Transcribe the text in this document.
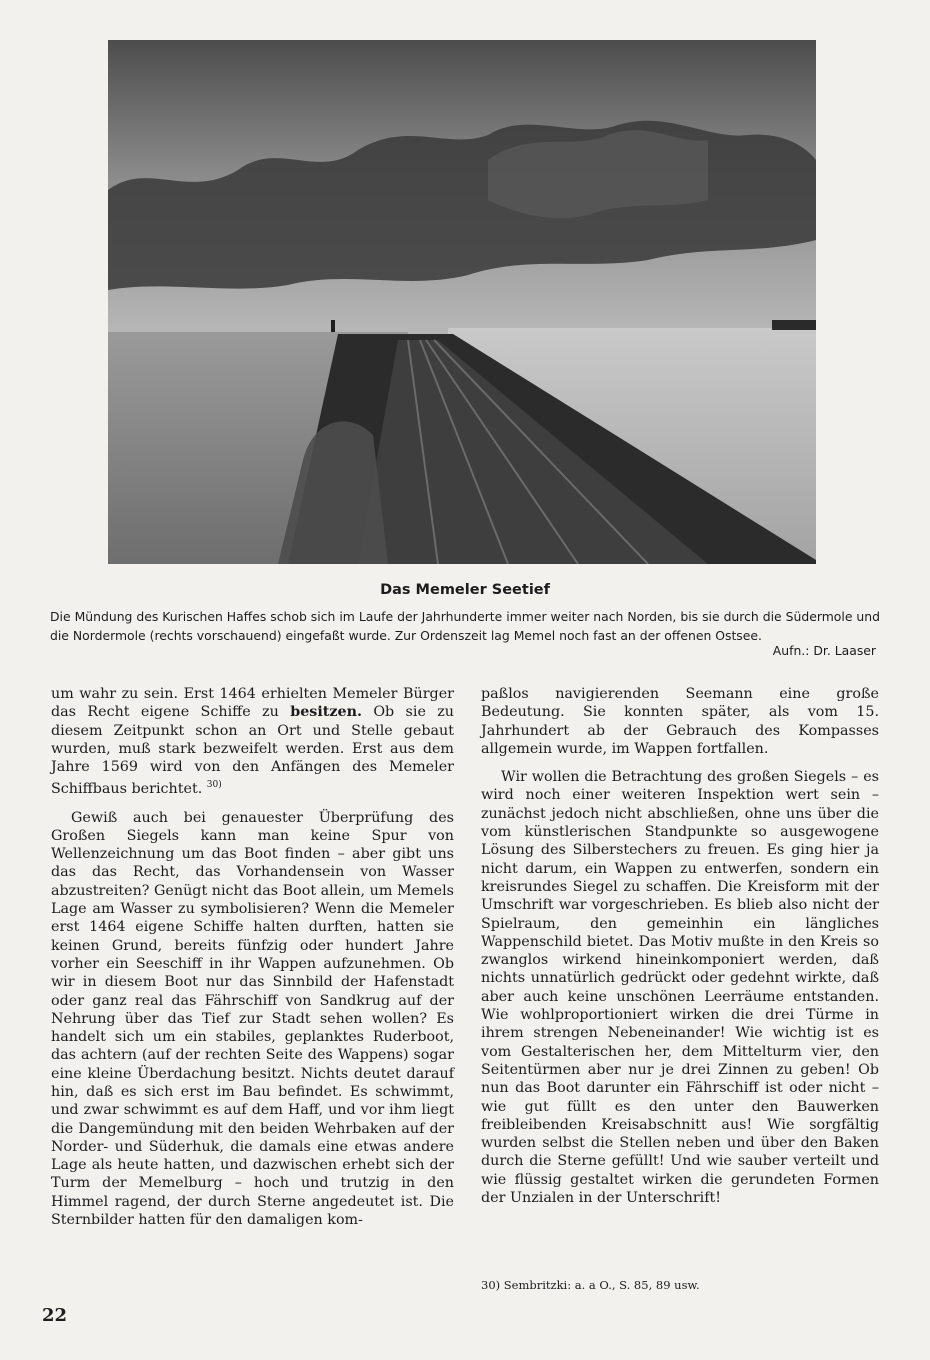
Das Memeler Seetief
Die Mündung des Kurischen Haffes schob sich im Laufe der Jahrhunderte immer weiter nach Norden, bis sie durch die Südermole und die Nordermole (rechts vorschauend) eingefaßt wurde. Zur Ordenszeit lag Memel noch fast an der offenen Ostsee.
Aufn.: Dr. Laaser

um wahr zu sein. Erst 1464 erhielten Memeler Bürger das Recht eigene Schiffe zu besitzen. Ob sie zu diesem Zeitpunkt schon an Ort und Stelle gebaut wurden, muß stark bezweifelt werden. Erst aus dem Jahre 1569 wird von den Anfängen des Memeler Schiffbaus berichtet. $^{30)}$

Gewiß auch bei genauester Überprüfung des Großen Siegels kann man keine Spur von Wellenzeichnung um das Boot finden – aber gibt uns das das Recht, das Vorhandensein von Wasser abzustreiten? Genügt nicht das Boot allein, um Memels Lage am Wasser zu symbolisieren? Wenn die Memeler erst 1464 eigene Schiffe halten durften, hatten sie keinen Grund, bereits fünfzig oder hundert Jahre vorher ein Seeschiff in ihr Wappen aufzunehmen. Ob wir in diesem Boot nur das Sinnbild der Hafenstadt oder ganz real das Fährschiff von Sandkrug auf der Nehrung über das Tief zur Stadt sehen wollen? Es handelt sich um ein stabiles, geplanktes Ruderboot, das achtern (auf der rechten Seite des Wappens) sogar eine kleine Überdachung besitzt. Nichts deutet darauf hin, daß es sich erst im Bau befindet. Es schwimmt, und zwar schwimmt es auf dem Haff, und vor ihm liegt die Dangemündung mit den beiden Wehrbaken auf der Norder- und Süderhuk, die damals eine etwas andere Lage als heute hatten, und dazwischen erhebt sich der Turm der Memelburg – hoch und trutzig in den Himmel ragend, der durch Sterne angedeutet ist. Die Sternbilder hatten für den damaligen kom-

paßlos navigierenden Seemann eine große Bedeutung. Sie konnten später, als vom 15. Jahrhundert ab der Gebrauch des Kompasses allgemein wurde, im Wappen fortfallen.

Wir wollen die Betrachtung des großen Siegels – es wird noch einer weiteren Inspektion wert sein – zunächst jedoch nicht abschließen, ohne uns über die vom künstlerischen Standpunkte so ausgewogene Lösung des Silberstechers zu freuen. Es ging hier ja nicht darum, ein Wappen zu entwerfen, sondern ein kreisrundes Siegel zu schaffen. Die Kreisform mit der Umschrift war vorgeschrieben. Es blieb also nicht der Spielraum, den gemeinhin ein längliches Wappenschild bietet. Das Motiv mußte in den Kreis so zwanglos wirkend hineinkomponiert werden, daß nichts unnatürlich gedrückt oder gedehnt wirkte, daß aber auch keine unschönen Leerräume entstanden. Wie wohlproportioniert wirken die drei Türme in ihrem strengen Nebeneinander! Wie wichtig ist es vom Gestalterischen her, dem Mittelturm vier, den Seitentürmen aber nur je drei Zinnen zu geben! Ob nun das Boot darunter ein Fährschiff ist oder nicht – wie gut füllt es den unter den Bauwerken freibleibenden Kreisabschnitt aus! Wie sorgfältig wurden selbst die Stellen neben und über den Baken durch die Sterne gefüllt! Und wie sauber verteilt und wie flüssig gestaltet wirken die gerundeten Formen der Unzialen in der Unterschrift!

30) Sembritzki: a. a O., S. 85, 89 usw.
22
